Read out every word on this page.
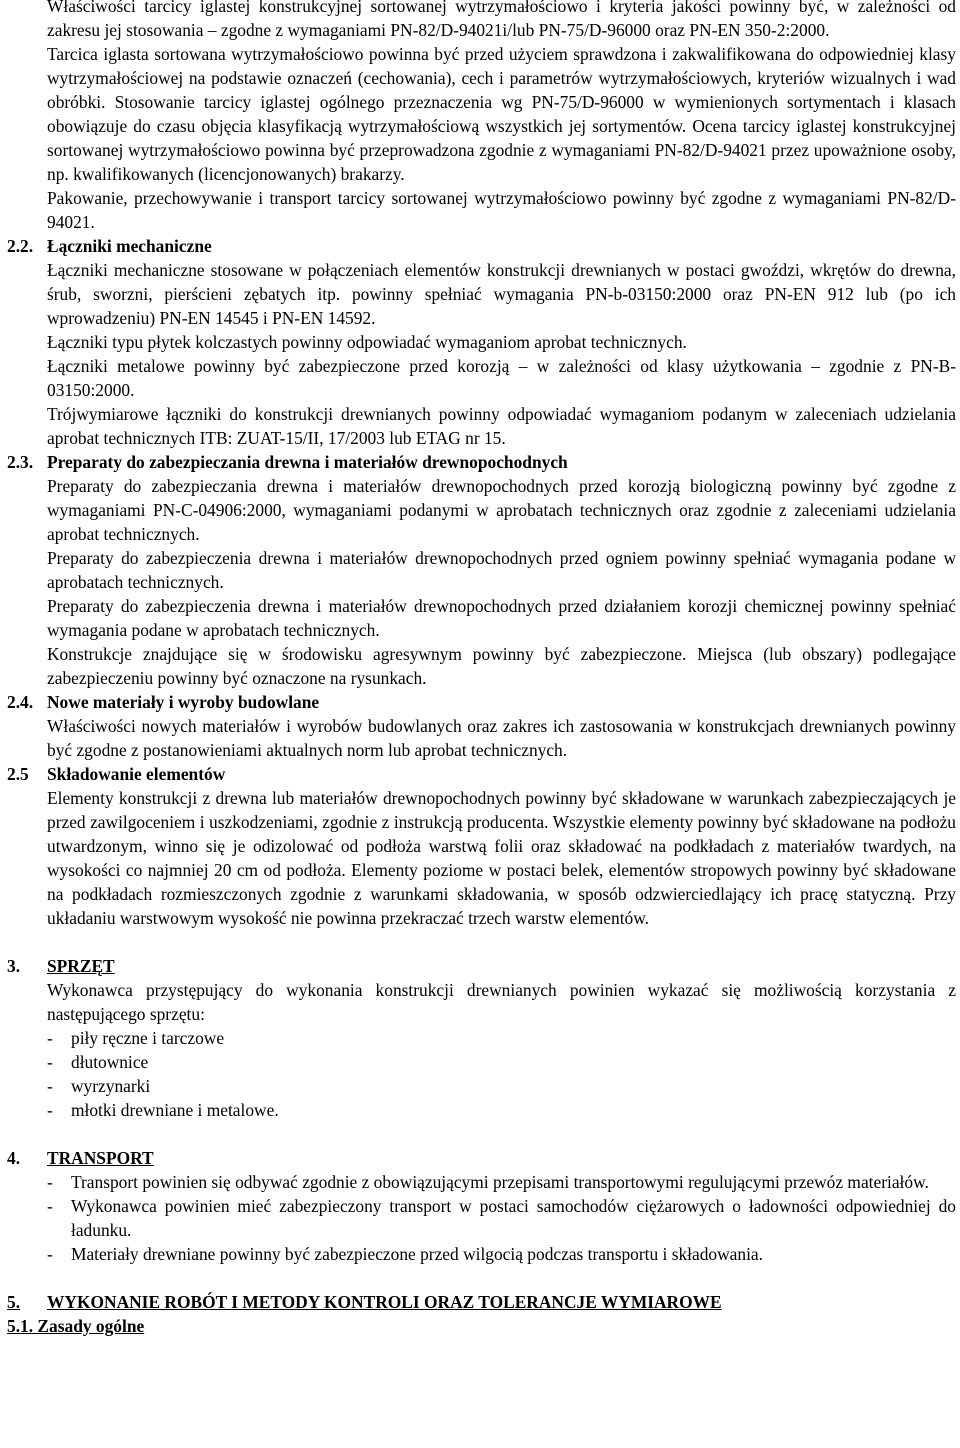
Właściwości tarcicy iglastej konstrukcyjnej sortowanej wytrzymałościowo i kryteria jakości powinny być, w zależności od zakresu jej stosowania – zgodne z wymaganiami PN-82/D-94021i/lub PN-75/D-96000 oraz PN-EN 350-2:2000.

Tarcica iglasta sortowana wytrzymałościowo powinna być przed użyciem sprawdzona i zakwalifikowana do odpowiedniej klasy wytrzymałościowej na podstawie oznaczeń (cechowania), cech i parametrów wytrzymałościowych, kryteriów wizualnych i wad obróbki. Stosowanie tarcicy iglastej ogólnego przeznaczenia wg PN-75/D-96000 w wymienionych sortymentach i klasach obowiązuje do czasu objęcia klasyfikacją wytrzymałościową wszystkich jej sortymentów. Ocena tarcicy iglastej konstrukcyjnej sortowanej wytrzymałościowo powinna być przeprowadzona zgodnie z wymaganiami PN-82/D-94021 przez upoważnione osoby, np. kwalifikowanych (licencjonowanych) brakarzy.

Pakowanie, przechowywanie i transport tarcicy sortowanej wytrzymałościowo powinny być zgodne z wymaganiami PN-82/D-94021.

2.2. Łączniki mechaniczne

Łączniki mechaniczne stosowane w połączeniach elementów konstrukcji drewnianych w postaci gwoździ, wkrętów do drewna, śrub, sworzni, pierścieni zębatych itp. powinny spełniać wymagania PN-b-03150:2000 oraz PN-EN 912 lub (po ich wprowadzeniu) PN-EN 14545 i PN-EN 14592.

Łączniki typu płytek kolczastych powinny odpowiadać wymaganiom aprobat technicznych.

Łączniki metalowe powinny być zabezpieczone przed korozją – w zależności od klasy użytkowania – zgodnie z PN-B-03150:2000.

Trójwymiarowe łączniki do konstrukcji drewnianych powinny odpowiadać wymaganiom podanym w zaleceniach udzielania aprobat technicznych ITB: ZUAT-15/II, 17/2003 lub ETAG nr 15.

2.3. Preparaty do zabezpieczania drewna i materiałów drewnopochodnych

Preparaty do zabezpieczania drewna i materiałów drewnopochodnych przed korozją biologiczną powinny być zgodne z wymaganiami PN-C-04906:2000, wymaganiami podanymi w aprobatach technicznych oraz zgodnie z zaleceniami udzielania aprobat technicznych.

Preparaty do zabezpieczenia drewna i materiałów drewnopochodnych przed ogniem powinny spełniać wymagania podane w aprobatach technicznych.

Preparaty do zabezpieczenia drewna i materiałów drewnopochodnych przed działaniem korozji chemicznej powinny spełniać wymagania podane w aprobatach technicznych.

Konstrukcje znajdujące się w środowisku agresywnym powinny być zabezpieczone. Miejsca (lub obszary) podlegające zabezpieczeniu powinny być oznaczone na rysunkach.

2.4. Nowe materiały i wyroby budowlane

Właściwości nowych materiałów i wyrobów budowlanych oraz zakres ich zastosowania w konstrukcjach drewnianych powinny być zgodne z postanowieniami aktualnych norm lub aprobat technicznych.

2.5	Składowanie elementów

Elementy konstrukcji z drewna lub materiałów drewnopochodnych powinny być składowane w warunkach zabezpieczających je przed zawilgoceniem i uszkodzeniami, zgodnie z instrukcją producenta. Wszystkie elementy powinny być składowane na podłożu utwardzonym, winno się je odizolować od podłoża warstwą folii oraz składować na podkładach z materiałów twardych, na wysokości co najmniej 20 cm od podłoża. Elementy poziome w postaci belek, elementów stropowych powinny być składowane na podkładach rozmieszczonych zgodnie z warunkami składowania, w sposób odzwierciedlający ich pracę statyczną. Przy układaniu warstwowym wysokość nie powinna przekraczać trzech warstw elementów.

3.	SPRZĘT

Wykonawca przystępujący do wykonania konstrukcji drewnianych powinien wykazać się możliwością korzystania z następującego sprzętu:

-	piły ręczne i tarczowe
-	dłutownice
-	wyrzynarki
-	młotki drewniane i metalowe.
4.	TRANSPORT
-	Transport powinien się odbywać zgodnie z obowiązującymi przepisami transportowymi regulującymi przewóz materiałów.
-	Wykonawca powinien mieć zabezpieczony transport w postaci samochodów ciężarowych o ładowności odpowiedniej do ładunku.
-	Materiały drewniane powinny być zabezpieczone przed wilgocią podczas transportu i składowania.
5.	WYKONANIE ROBÓT I METODY KONTROLI ORAZ TOLERANCJE WYMIAROWE
5.1. Zasady ogólne
